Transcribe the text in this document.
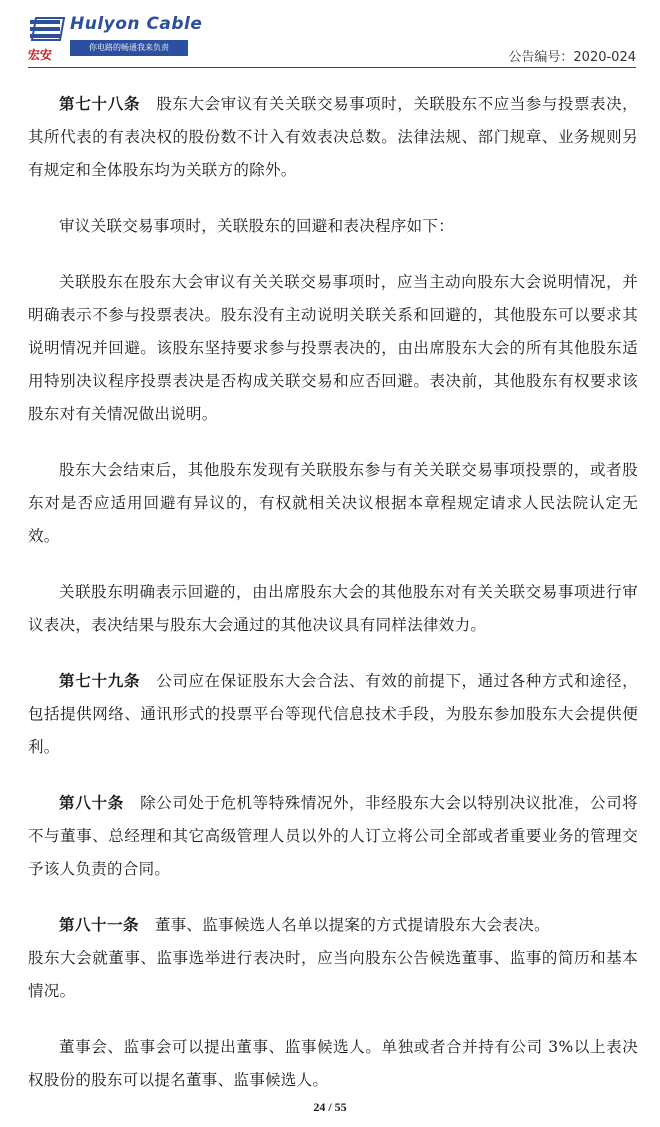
Hulyon Cable
你电路的畅通我来负责
宏安	公告编号：2020-024

第七十八条　 股东大会审议有关关联交易事项时，关联股东不应当参与投票表决，其所代表的有表决权的股份数不计入有效表决总数。法律法规、部门规章、业务规则另有规定和全体股东均为关联方的除外。

审议关联交易事项时，关联股东的回避和表决程序如下：

关联股东在股东大会审议有关关联交易事项时，应当主动向股东大会说明情况，并明确表示不参与投票表决。股东没有主动说明关联关系和回避的，其他股东可以要求其说明情况并回避。该股东坚持要求参与投票表决的，由出席股东大会的所有其他股东适用特别决议程序投票表决是否构成关联交易和应否回避。表决前，其他股东有权要求该股东对有关情况做出说明。

股东大会结束后，其他股东发现有关联股东参与有关关联交易事项投票的，或者股东对是否应适用回避有异议的，有权就相关决议根据本章程规定请求人民法院认定无效。

关联股东明确表示回避的，由出席股东大会的其他股东对有关关联交易事项进行审议表决，表决结果与股东大会通过的其他决议具有同样法律效力。

第七十九条　 公司应在保证股东大会合法、有效的前提下，通过各种方式和途径，包括提供网络、通讯形式的投票平台等现代信息技术手段，为股东参加股东大会提供便利。

第八十条　 除公司处于危机等特殊情况外，非经股东大会以特别决议批准，公司将不与董事、总经理和其它高级管理人员以外的人订立将公司全部或者重要业务的管理交予该人负责的合同。

第八十一条　 董事、监事候选人名单以提案的方式提请股东大会表决。

股东大会就董事、监事选举进行表决时，应当向股东公告候选董事、监事的简历和基本情况。

董事会、监事会可以提出董事、监事候选人。单独或者合并持有公司 3%以上表决权股份的股东可以提名董事、监事候选人。

24 / 55
